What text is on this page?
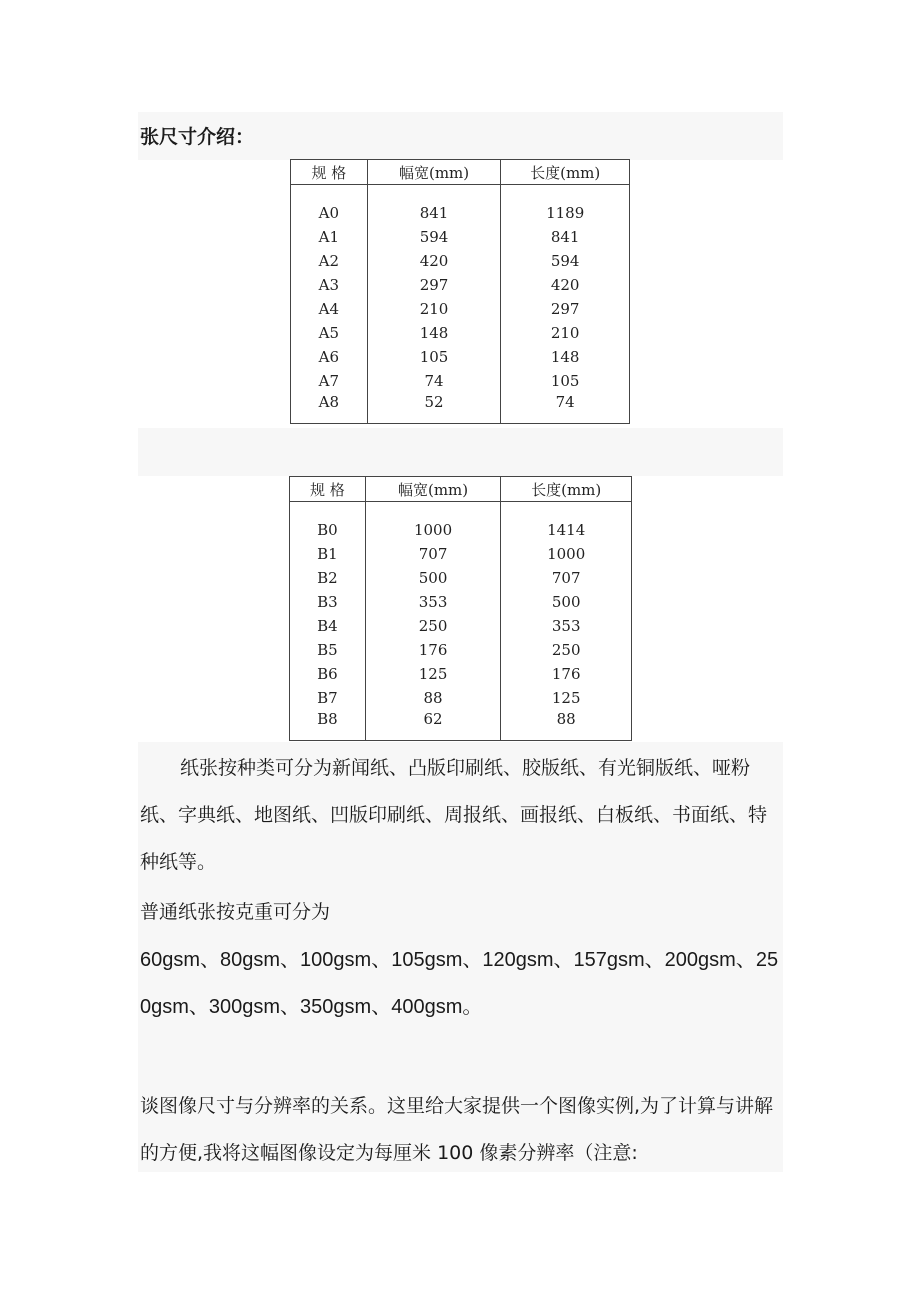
张尺寸介绍：
规 格	幅宽(mm)	长度(mm)

A0	841	1189
A1	594	841
A2	420	594
A3	297	420
A4	210	297
A5	148	210
A6	105	148
A7	74	105
A8	52	74
规 格	幅宽(mm)	长度(mm)

B0	1000	1414
B1	707	1000
B2	500	707
B3	353	500
B4	250	353
B5	176	250
B6	125	176
B7	88	125
B8	62	88

纸张按种类可分为新闻纸、凸版印刷纸、胶版纸、有光铜版纸、哑粉纸、字典纸、地图纸、凹版印刷纸、周报纸、画报纸、白板纸、书面纸、特种纸等。

普通纸张按克重可分为

60gsm、80gsm、100gsm、105gsm、120gsm、157gsm、200gsm、250gsm、300gsm、350gsm、400gsm。

谈图像尺寸与分辨率的关系。这里给大家提供一个图像实例,为了计算与讲解的方便,我将这幅图像设定为每厘米 100 像素分辨率（注意:
